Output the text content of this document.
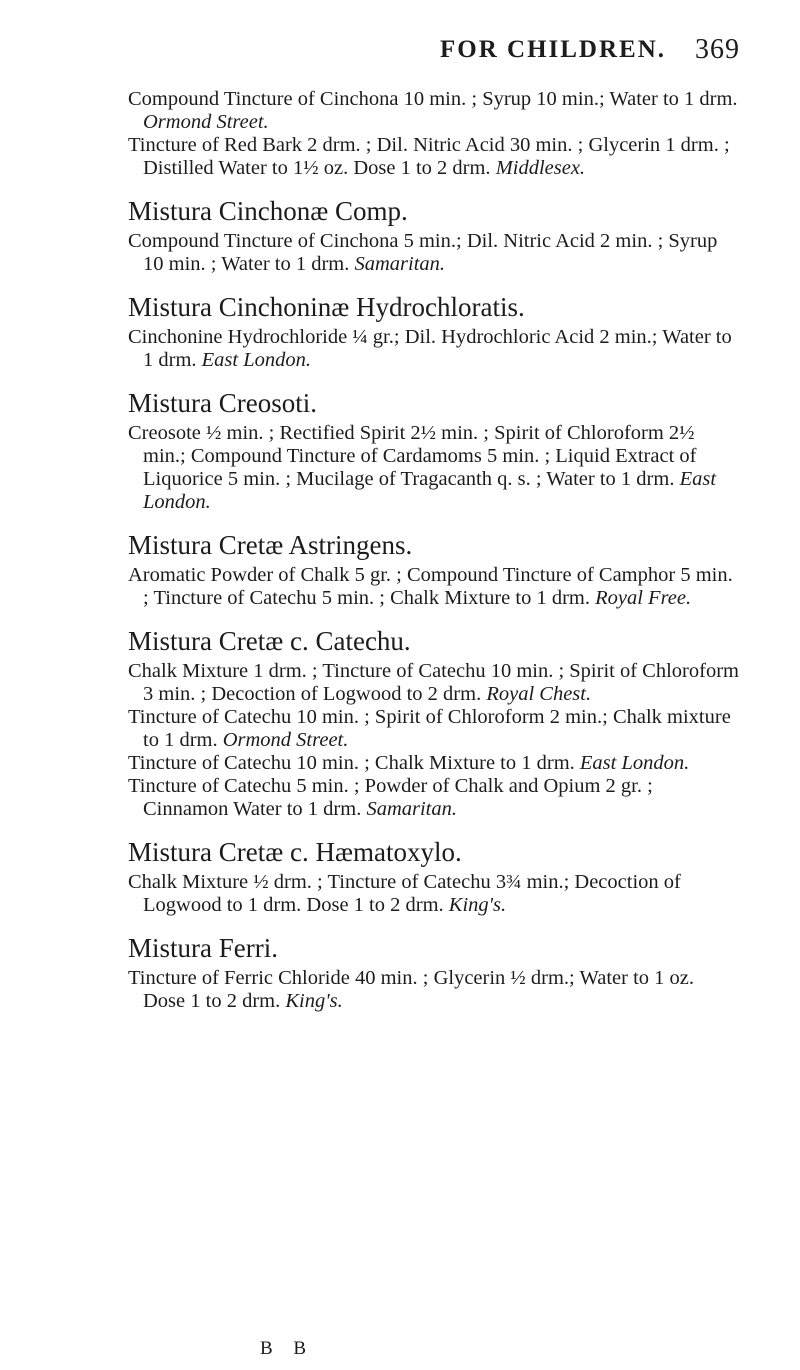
FOR CHILDREN. 369

Compound Tincture of Cinchona 10 min. ; Syrup 10 min.; Water to 1 drm. Ormond Street.

Tincture of Red Bark 2 drm. ; Dil. Nitric Acid 30 min. ; Glycerin 1 drm. ; Distilled Water to 1½ oz. Dose 1 to 2 drm. Middlesex.

Mistura Cinchonæ Comp.

Compound Tincture of Cinchona 5 min.; Dil. Nitric Acid 2 min. ; Syrup 10 min. ; Water to 1 drm. Samaritan.

Mistura Cinchoninæ Hydrochloratis.

Cinchonine Hydrochloride ¼ gr.; Dil. Hydrochloric Acid 2 min.; Water to 1 drm. East London.

Mistura Creosoti.

Creosote ½ min. ; Rectified Spirit 2½ min. ; Spirit of Chloroform 2½ min.; Compound Tincture of Cardamoms 5 min. ; Liquid Extract of Liquorice 5 min. ; Mucilage of Tragacanth q. s. ; Water to 1 drm. East London.

Mistura Cretæ Astringens.

Aromatic Powder of Chalk 5 gr. ; Compound Tincture of Camphor 5 min. ; Tincture of Catechu 5 min. ; Chalk Mixture to 1 drm. Royal Free.

Mistura Cretæ c. Catechu.

Chalk Mixture 1 drm. ; Tincture of Catechu 10 min. ; Spirit of Chloroform 3 min. ; Decoction of Logwood to 2 drm. Royal Chest.

Tincture of Catechu 10 min. ; Spirit of Chloroform 2 min.; Chalk mixture to 1 drm. Ormond Street.

Tincture of Catechu 10 min. ; Chalk Mixture to 1 drm. East London.

Tincture of Catechu 5 min. ; Powder of Chalk and Opium 2 gr. ; Cinnamon Water to 1 drm. Samaritan.

Mistura Cretæ c. Hæmatoxylo.

Chalk Mixture ½ drm. ; Tincture of Catechu 3¾ min.; Decoction of Logwood to 1 drm. Dose 1 to 2 drm. King's.

Mistura Ferri.

Tincture of Ferric Chloride 40 min. ; Glycerin ½ drm.; Water to 1 oz. Dose 1 to 2 drm. King's.

B B
